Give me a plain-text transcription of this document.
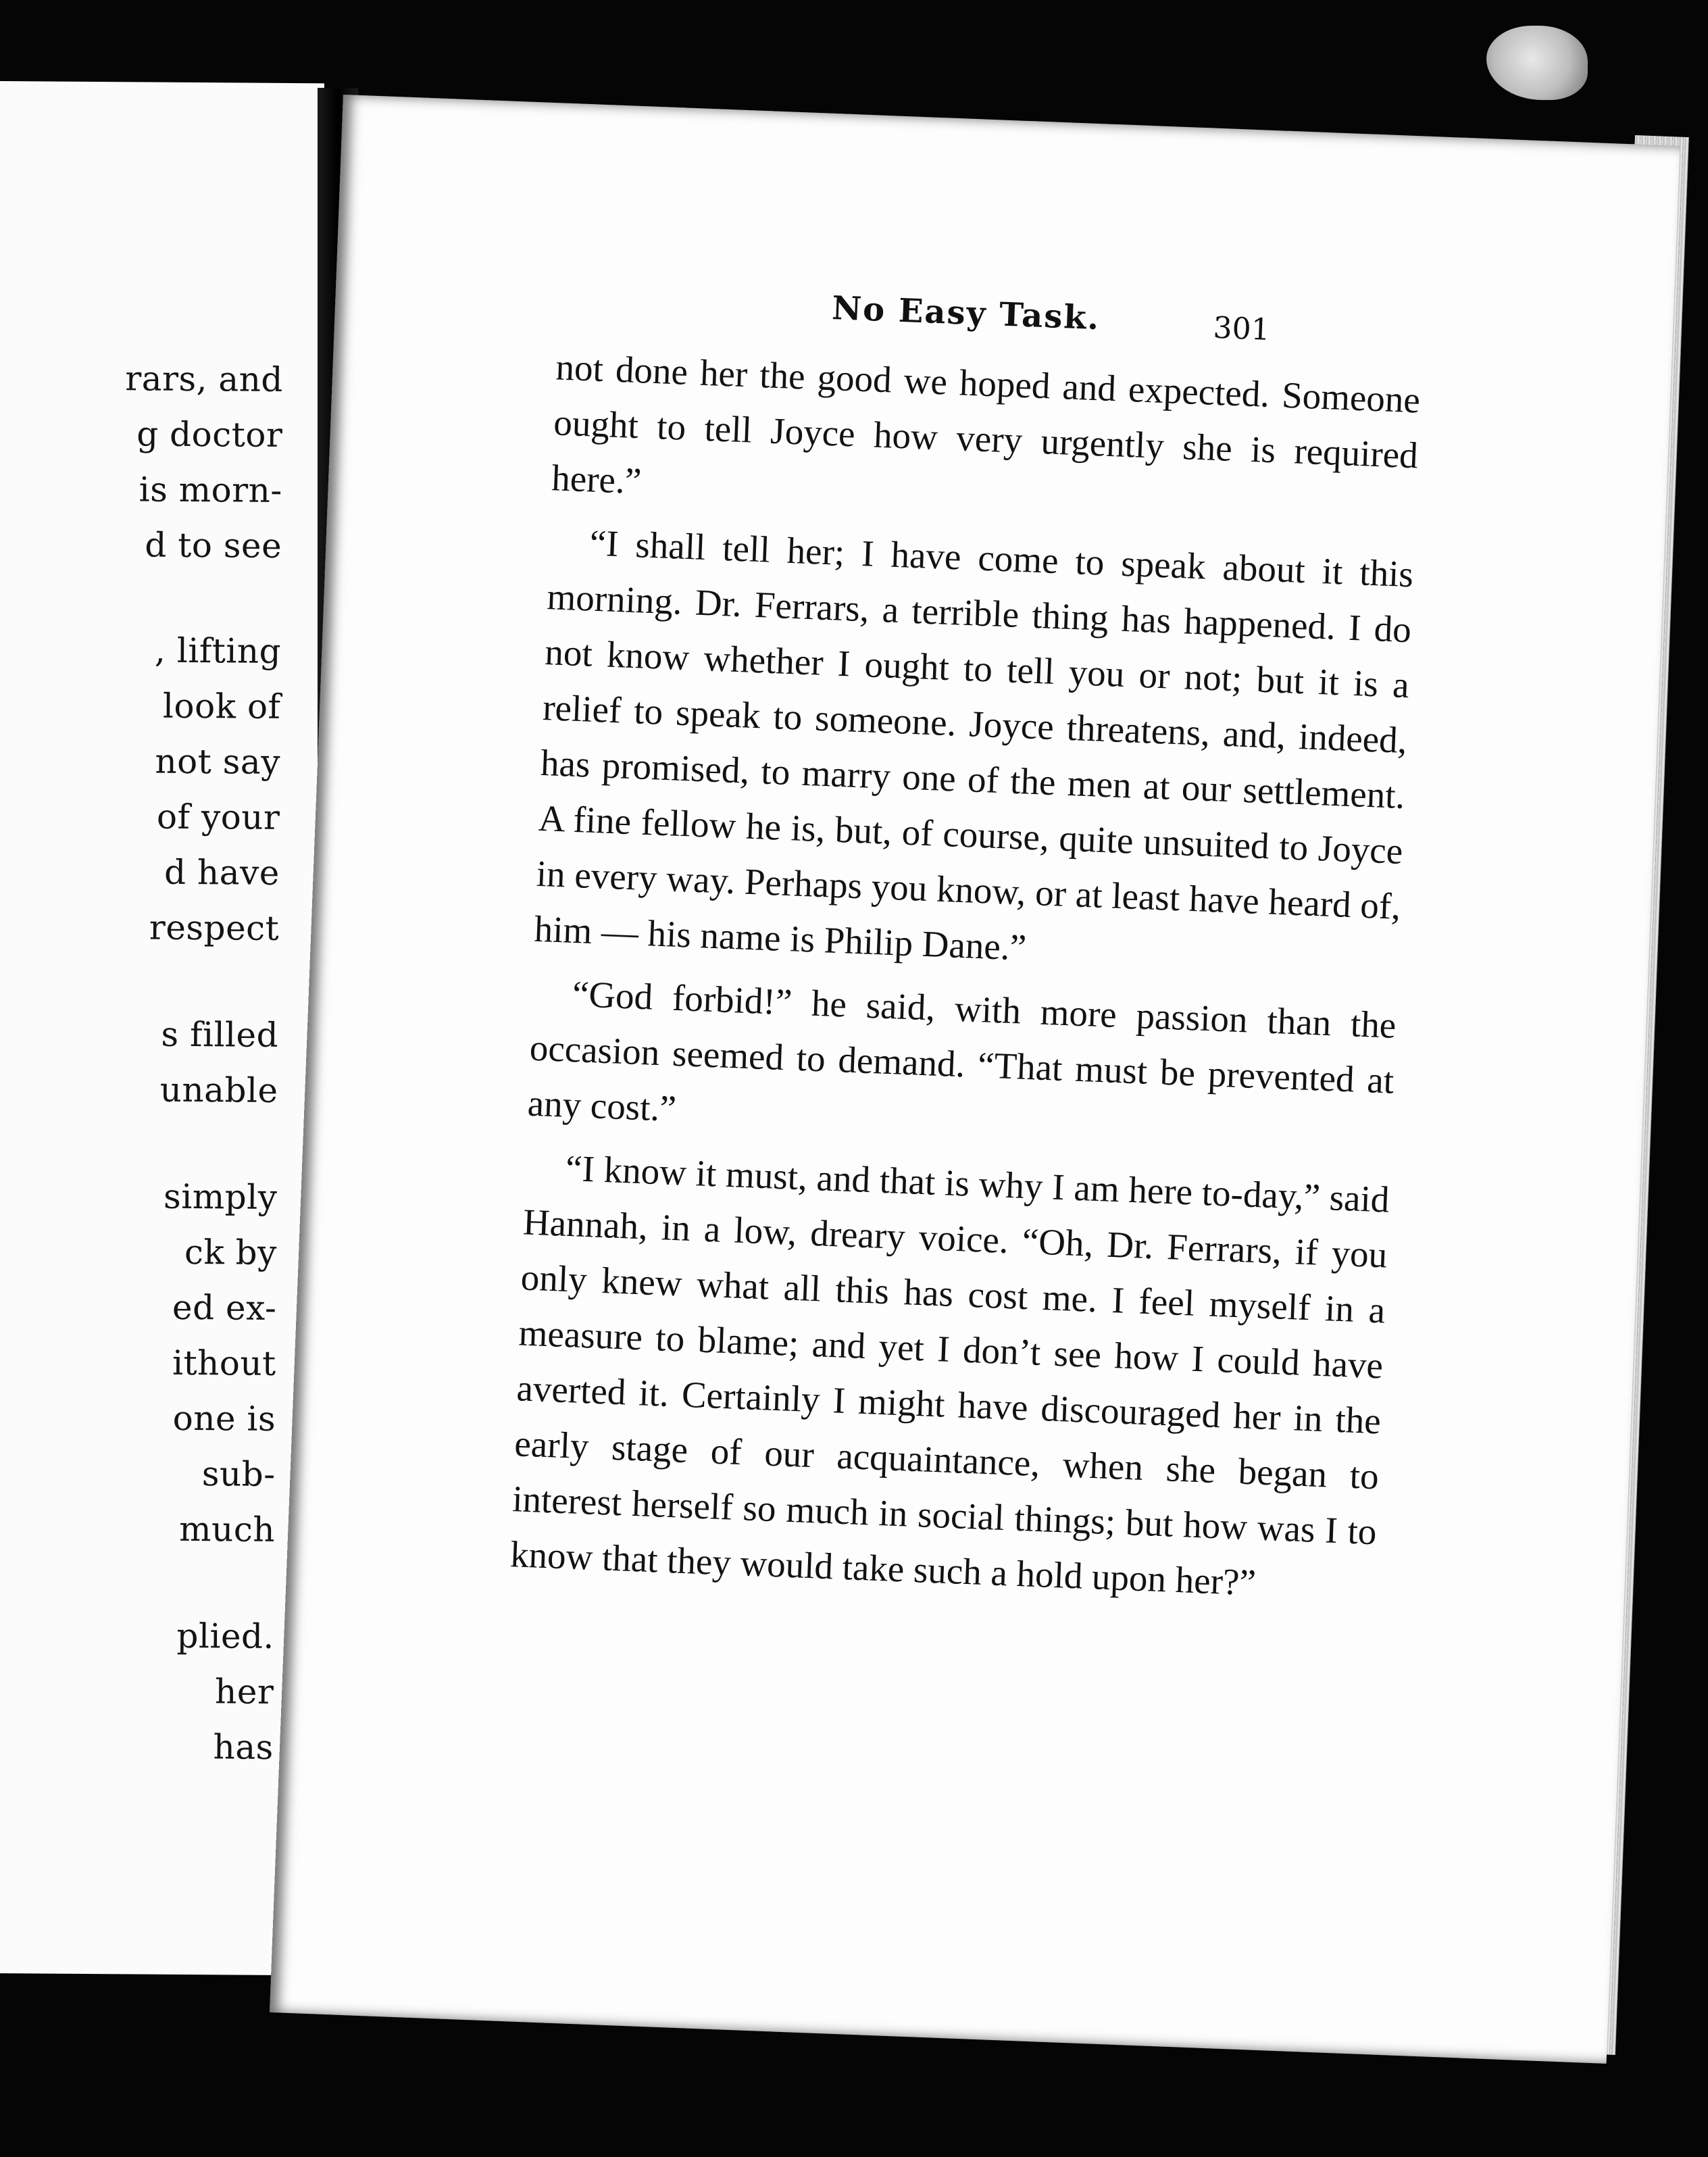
rars, and
g doctor
is morn-
d to see
, lifting
look of
not say
of your
d have
respect
s filled
unable
simply
ck by
ed ex-
ithout
one is
sub-
much
plied.
her
has
No Easy Task.	301

not done her the good we hoped and expected. Someone ought to tell Joyce how very urgently she is required here.”

“I shall tell her; I have come to speak about it this morning. Dr. Ferrars, a terrible thing has happened. I do not know whether I ought to tell you or not; but it is a relief to speak to someone. Joyce threatens, and, indeed, has promised, to marry one of the men at our settlement. A fine fellow he is, but, of course, quite unsuited to Joyce in every way. Perhaps you know, or at least have heard of, him — his name is Philip Dane.”

“God forbid!” he said, with more passion than the occasion seemed to demand. “That must be prevented at any cost.”

“I know it must, and that is why I am here to-day,” said Hannah, in a low, dreary voice. “Oh, Dr. Ferrars, if you only knew what all this has cost me. I feel myself in a measure to blame; and yet I don’t see how I could have averted it. Certainly I might have discouraged her in the early stage of our acquaintance, when she began to interest herself so much in social things; but how was I to know that they would take such a hold upon her?”
